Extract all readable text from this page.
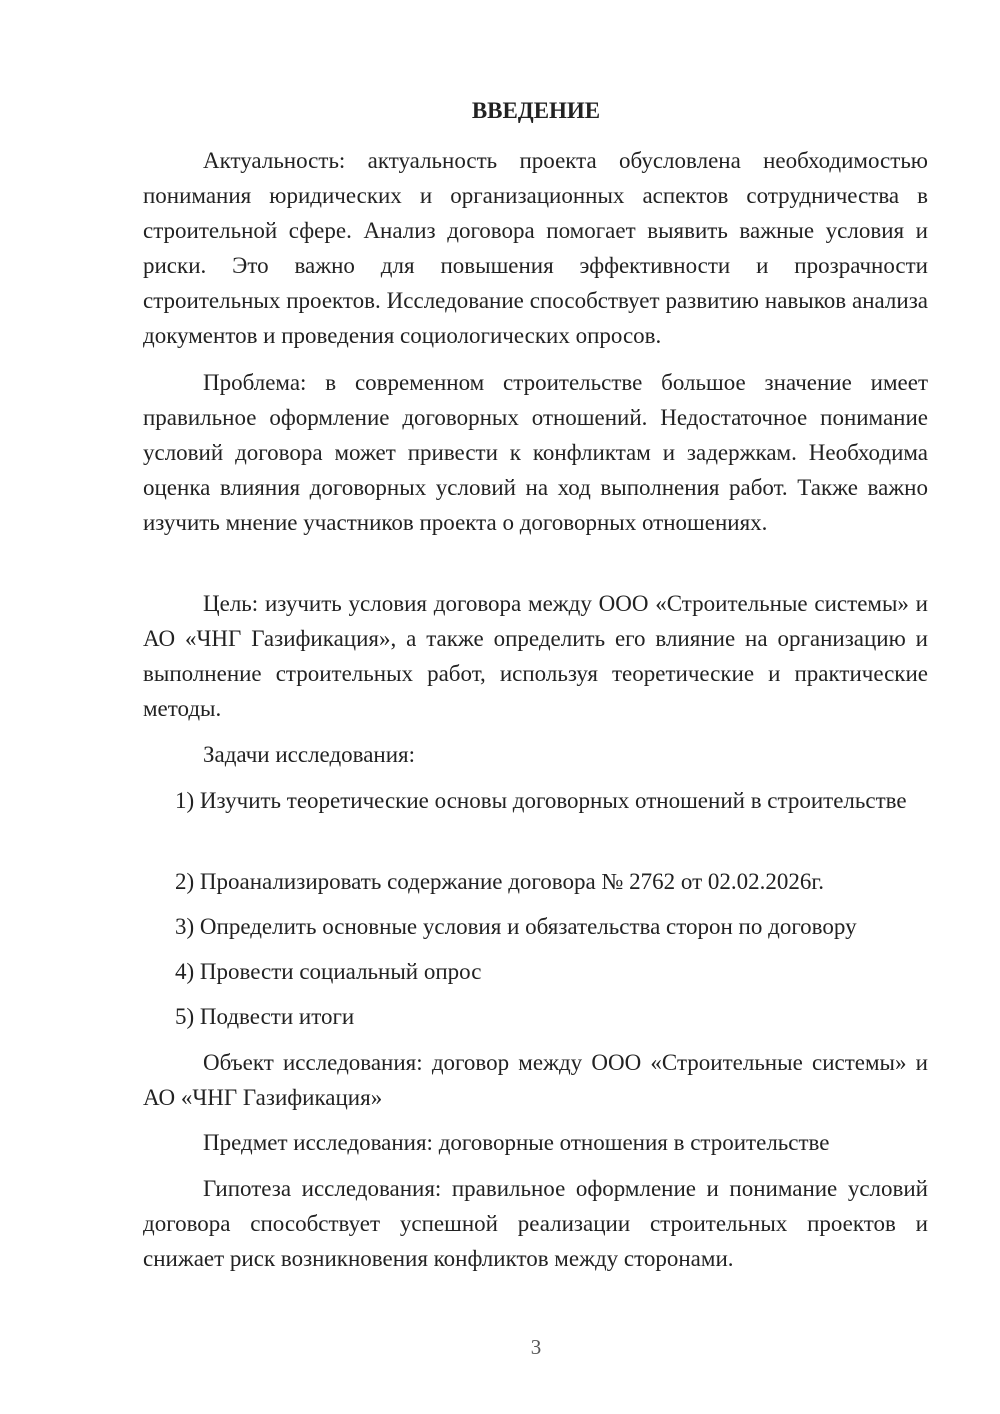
ВВЕДЕНИЕ
Актуальность: актуальность проекта обусловлена необходимостью понимания юридических и организационных аспектов сотрудничества в строительной сфере. Анализ договора помогает выявить важные условия и риски. Это важно для повышения эффективности и прозрачности строительных проектов. Исследование способствует развитию навыков анализа документов и проведения социологических опросов.
Проблема: в современном строительстве большое значение имеет правильное оформление договорных отношений. Недостаточное понимание условий договора может привести к конфликтам и задержкам. Необходима оценка влияния договорных условий на ход выполнения работ. Также важно изучить мнение участников проекта о договорных отношениях.
Цель: изучить условия договора между ООО «Строительные системы» и АО «ЧНГ Газификация», а также определить его влияние на организацию и выполнение строительных работ, используя теоретические и практические методы.
Задачи исследования:
1) Изучить теоретические основы договорных отношений в строительстве
2) Проанализировать содержание договора № 2762 от 02.02.2026г.
3) Определить основные условия и обязательства сторон по договору
4) Провести социальный опрос
5) Подвести итоги
Объект исследования: договор между ООО «Строительные системы» и АО «ЧНГ Газификация»
Предмет исследования: договорные отношения в строительстве
Гипотеза исследования: правильное оформление и понимание условий договора способствует успешной реализации строительных проектов и снижает риск возникновения конфликтов между сторонами.
3
